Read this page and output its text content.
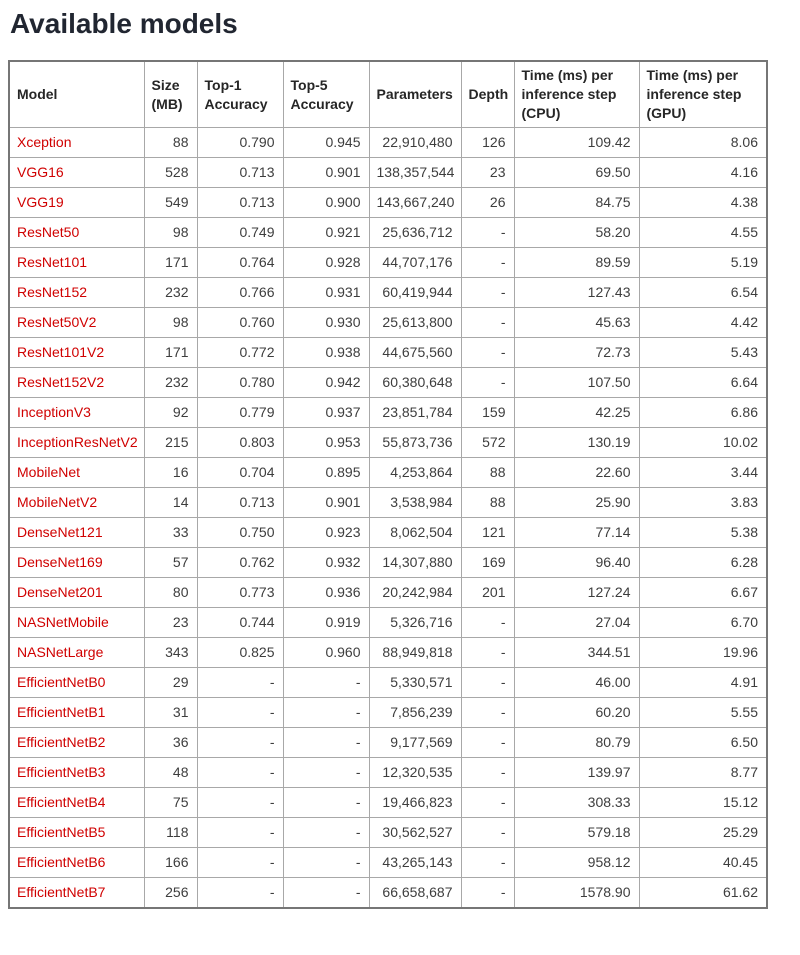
Available models
Model	Size (MB)	Top-1 Accuracy	Top-5 Accuracy	Parameters	Depth	Time (ms) per inference step (CPU)	Time (ms) per inference step (GPU)
Xception	88	0.790	0.945	22,910,480	126	109.42	8.06
VGG16	528	0.713	0.901	138,357,544	23	69.50	4.16
VGG19	549	0.713	0.900	143,667,240	26	84.75	4.38
ResNet50	98	0.749	0.921	25,636,712	-	58.20	4.55
ResNet101	171	0.764	0.928	44,707,176	-	89.59	5.19
ResNet152	232	0.766	0.931	60,419,944	-	127.43	6.54
ResNet50V2	98	0.760	0.930	25,613,800	-	45.63	4.42
ResNet101V2	171	0.772	0.938	44,675,560	-	72.73	5.43
ResNet152V2	232	0.780	0.942	60,380,648	-	107.50	6.64
InceptionV3	92	0.779	0.937	23,851,784	159	42.25	6.86
InceptionResNetV2	215	0.803	0.953	55,873,736	572	130.19	10.02
MobileNet	16	0.704	0.895	4,253,864	88	22.60	3.44
MobileNetV2	14	0.713	0.901	3,538,984	88	25.90	3.83
DenseNet121	33	0.750	0.923	8,062,504	121	77.14	5.38
DenseNet169	57	0.762	0.932	14,307,880	169	96.40	6.28
DenseNet201	80	0.773	0.936	20,242,984	201	127.24	6.67
NASNetMobile	23	0.744	0.919	5,326,716	-	27.04	6.70
NASNetLarge	343	0.825	0.960	88,949,818	-	344.51	19.96
EfficientNetB0	29	-	-	5,330,571	-	46.00	4.91
EfficientNetB1	31	-	-	7,856,239	-	60.20	5.55
EfficientNetB2	36	-	-	9,177,569	-	80.79	6.50
EfficientNetB3	48	-	-	12,320,535	-	139.97	8.77
EfficientNetB4	75	-	-	19,466,823	-	308.33	15.12
EfficientNetB5	118	-	-	30,562,527	-	579.18	25.29
EfficientNetB6	166	-	-	43,265,143	-	958.12	40.45
EfficientNetB7	256	-	-	66,658,687	-	1578.90	61.62
